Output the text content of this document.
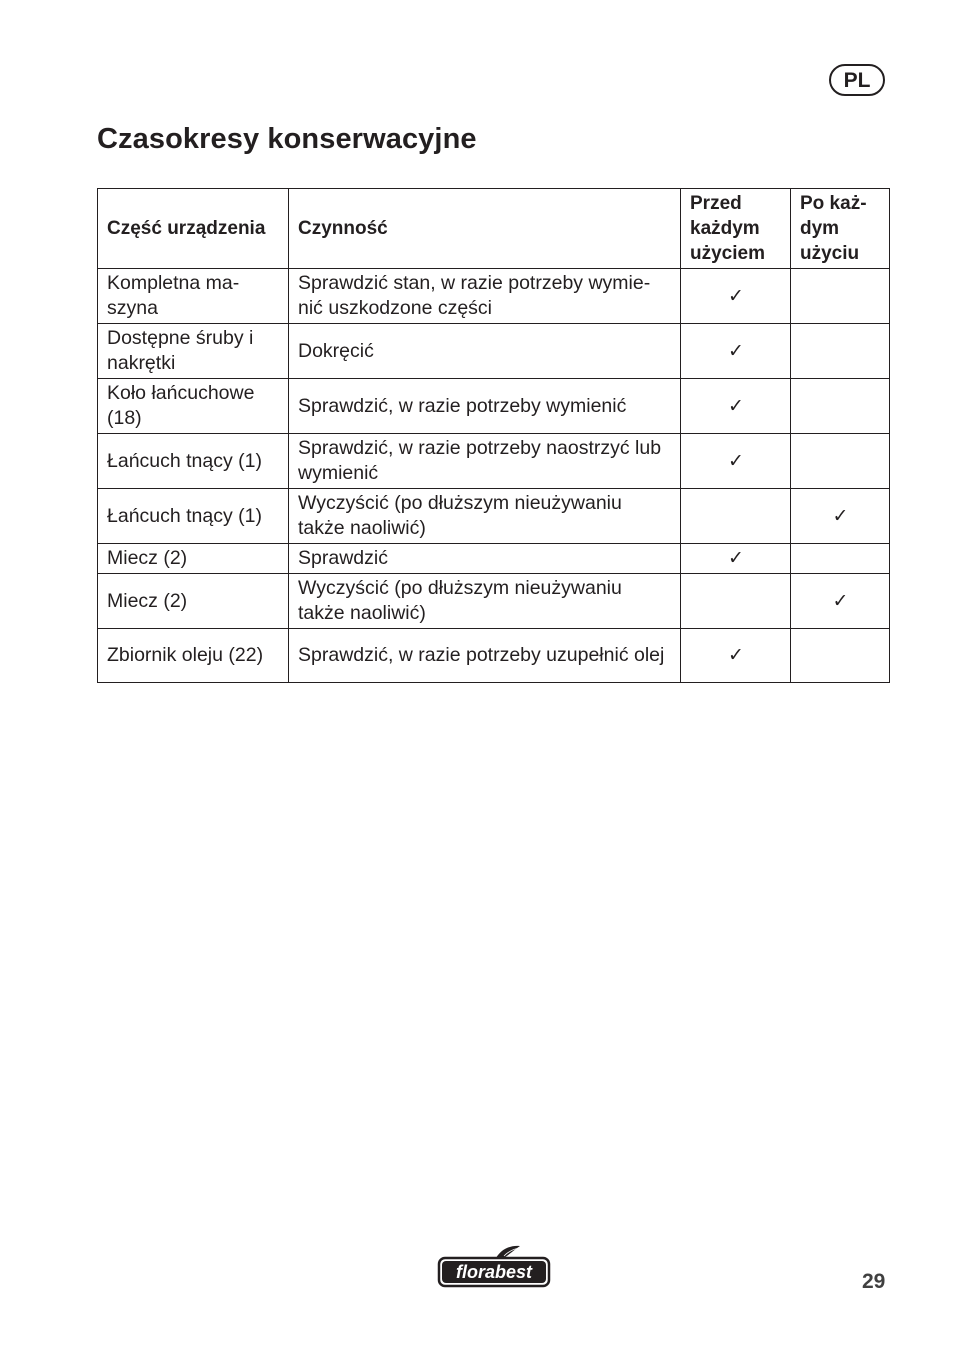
PL
Czasokresy konserwacyjne
Część urządzenia	Czynność	Przed każdym użyciem	Po każ- dym użyciu
Kompletna ma- szyna	Sprawdzić stan, w razie potrzeby wymie- nić uszkodzone części	✓	
Dostępne śruby i nakrętki	Dokręcić	✓	
Koło łańcuchowe (18)	Sprawdzić, w razie potrzeby wymienić	✓	
Łańcuch tnący (1)	Sprawdzić, w razie potrzeby naostrzyć lub wymienić	✓	
Łańcuch tnący (1)	Wyczyścić (po dłuższym nieużywaniu także naoliwić)		✓
Miecz (2)	Sprawdzić	✓	
Miecz (2)	Wyczyścić (po dłuższym nieużywaniu także naoliwić)		✓
Zbiornik oleju (22)	Sprawdzić, w razie potrzeby uzupełnić olej	✓	
florabest	29
